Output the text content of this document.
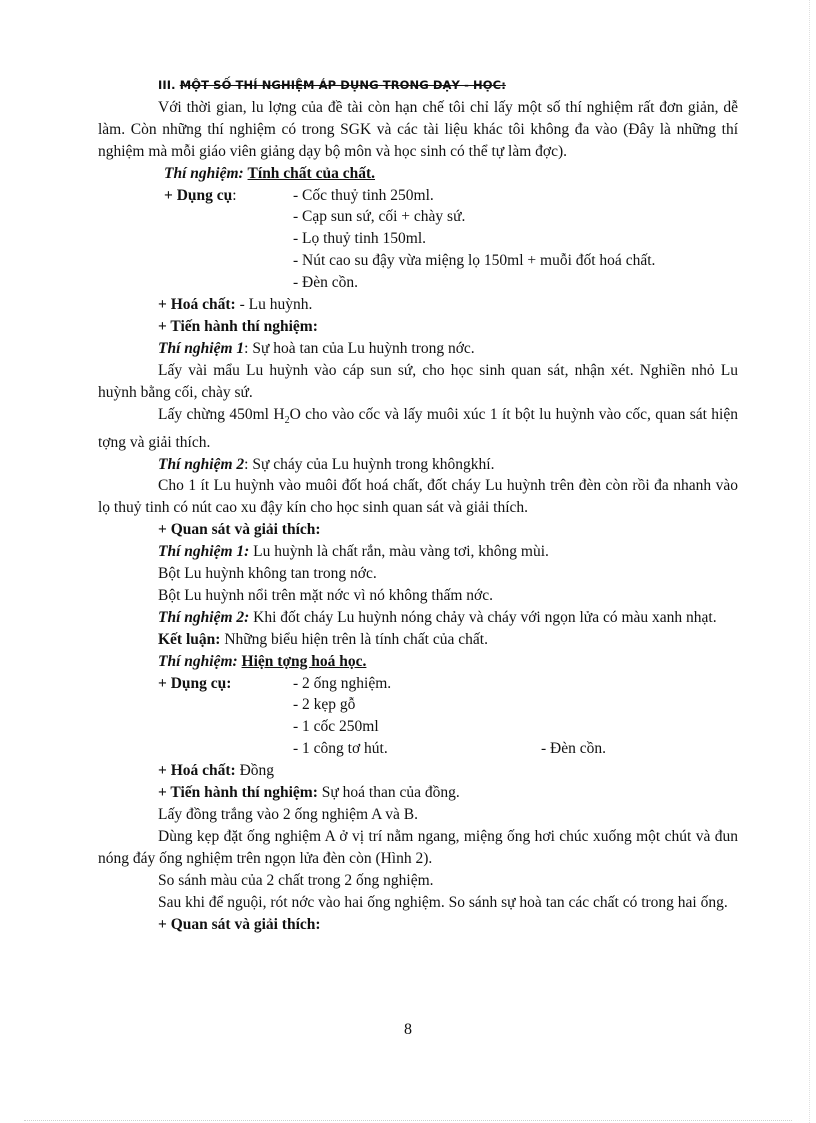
III. MỘT SỐ THÍ NGHIỆM ÁP DỤNG TRONG DẠY - HỌC:

Với thời gian, lu lợng của đề tài còn hạn chế tôi chỉ lấy một số thí nghiệm rất đơn giản, dễ làm. Còn những thí nghiệm có trong SGK và các tài liệu khác tôi không đa vào (Đây là những thí nghiệm mà mỗi giáo viên giảng dạy bộ môn và học sinh có thể tự làm đợc).

Thí nghiệm: Tính chất của chất.

+ Dụng cụ:	- Cốc thuỷ tinh 250ml.

- Cạp sun sứ, cối + chày sứ.

- Lọ thuỷ tinh 150ml.

- Nút cao su đậy vừa miệng lọ 150ml + muỗi đốt hoá chất.

- Đèn cồn.

+ Hoá chất: - Lu huỳnh.

+ Tiến hành thí nghiệm:

Thí nghiệm 1: Sự hoà tan của Lu huỳnh trong nớc.

Lấy vài mẩu Lu huỳnh vào cáp sun sứ, cho học sinh quan sát, nhận xét. Nghiền nhỏ Lu huỳnh bằng cối, chày sứ.

Lấy chừng 450ml $H_2O$ cho vào cốc và lấy muôi xúc 1 ít bột lu huỳnh vào cốc, quan sát hiện tợng và giải thích.

Thí nghiệm 2: Sự cháy của Lu huỳnh trong khôngkhí.

Cho 1 ít Lu huỳnh vào muôi đốt hoá chất, đốt cháy Lu huỳnh trên đèn còn rồi đa nhanh vào lọ thuỷ tinh có nút cao xu đậy kín cho học sinh quan sát và giải thích.

+ Quan sát và giải thích:

Thí nghiệm 1: Lu huỳnh là chất rắn, màu vàng tơi, không mùi.

Bột Lu huỳnh không tan trong nớc.

Bột Lu huỳnh nổi trên mặt nớc vì nó không thấm nớc.

Thí nghiệm 2: Khi đốt cháy Lu huỳnh nóng chảy và cháy với ngọn lửa có màu xanh nhạt.

Kết luận: Những biểu hiện trên là tính chất của chất.

Thí nghiệm: Hiện tợng hoá học.

+ Dụng cụ:	- 2 ống nghiệm.

- 2 kẹp gỗ

- 1 cốc 250ml

- 1 công tơ hút.	- Đèn cồn.

+ Hoá chất: Đồng

+ Tiến hành thí nghiệm: Sự hoá than của đồng.

Lấy đồng trắng vào 2 ống nghiệm A và B.

Dùng kẹp đặt ống nghiệm A ở vị trí nằm ngang, miệng ống hơi chúc xuống một chút và đun nóng đáy ống nghiệm trên ngọn lửa đèn còn (Hình 2).

So sánh màu của 2 chất trong 2 ống nghiệm.

Sau khi để nguội, rót nớc vào hai ống nghiệm. So sánh sự hoà tan các chất có trong hai ống.

+ Quan sát và giải thích:

8
